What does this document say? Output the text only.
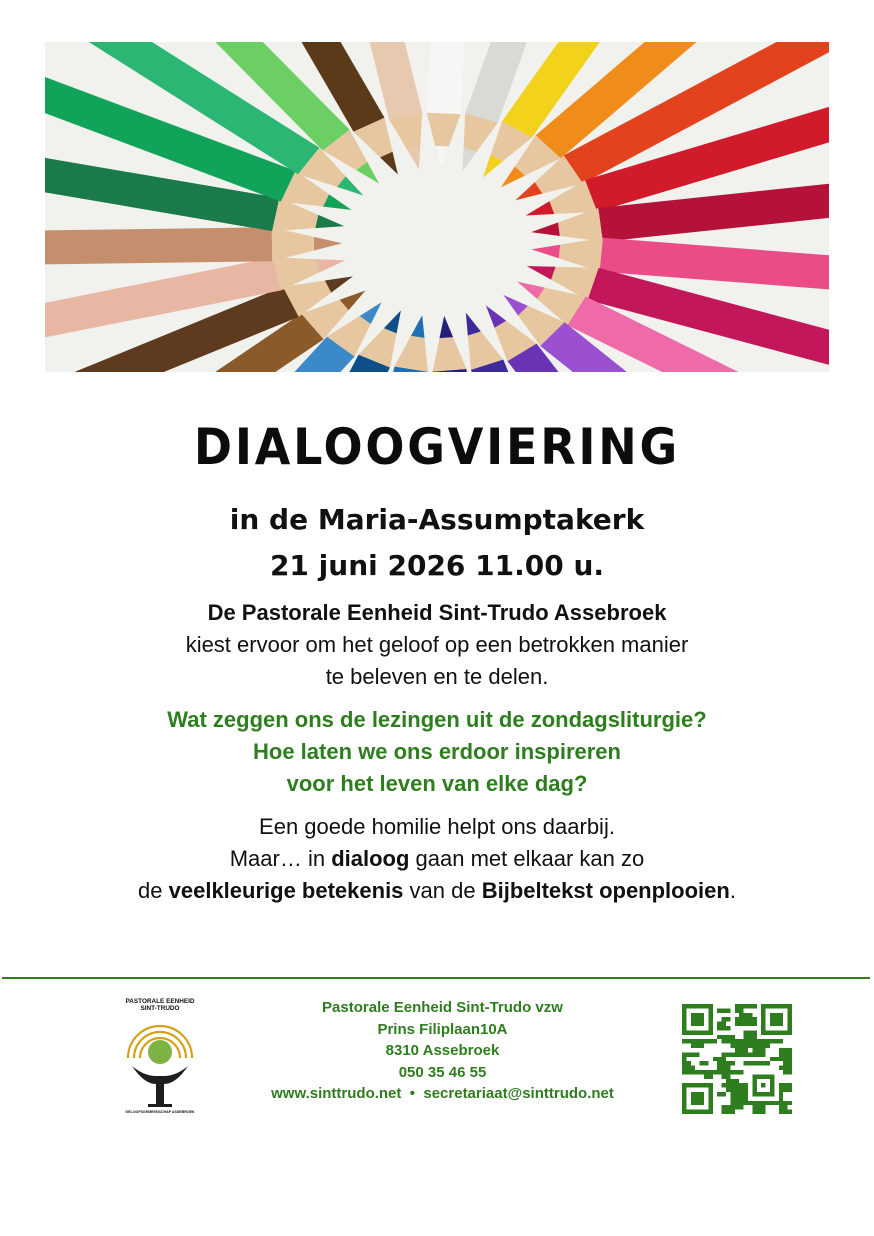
DIALOOGVIERING
in de Maria-Assumptakerk
21 juni 2026 11.00 u.
De Pastorale Eenheid Sint-Trudo Assebroek
kiest ervoor om het geloof op een betrokken manier
te beleven en te delen.
Wat zeggen ons de lezingen uit de zondagsliturgie?
Hoe laten we ons erdoor inspireren
voor het leven van elke dag?
Een goede homilie helpt ons daarbij.
Maar… in dialoog gaan met elkaar kan zo
de veelkleurige betekenis van de Bijbeltekst openplooien.
PASTORALE EENHEID
SINT-TRUDO
GELOOFSGEMEENSCHAP ASSEBROEK
Pastorale Eenheid Sint-Trudo vzw
Prins Filiplaan10A
8310 Assebroek
050 35 46 55
www.sinttrudo.net • secretariaat@sinttrudo.net
